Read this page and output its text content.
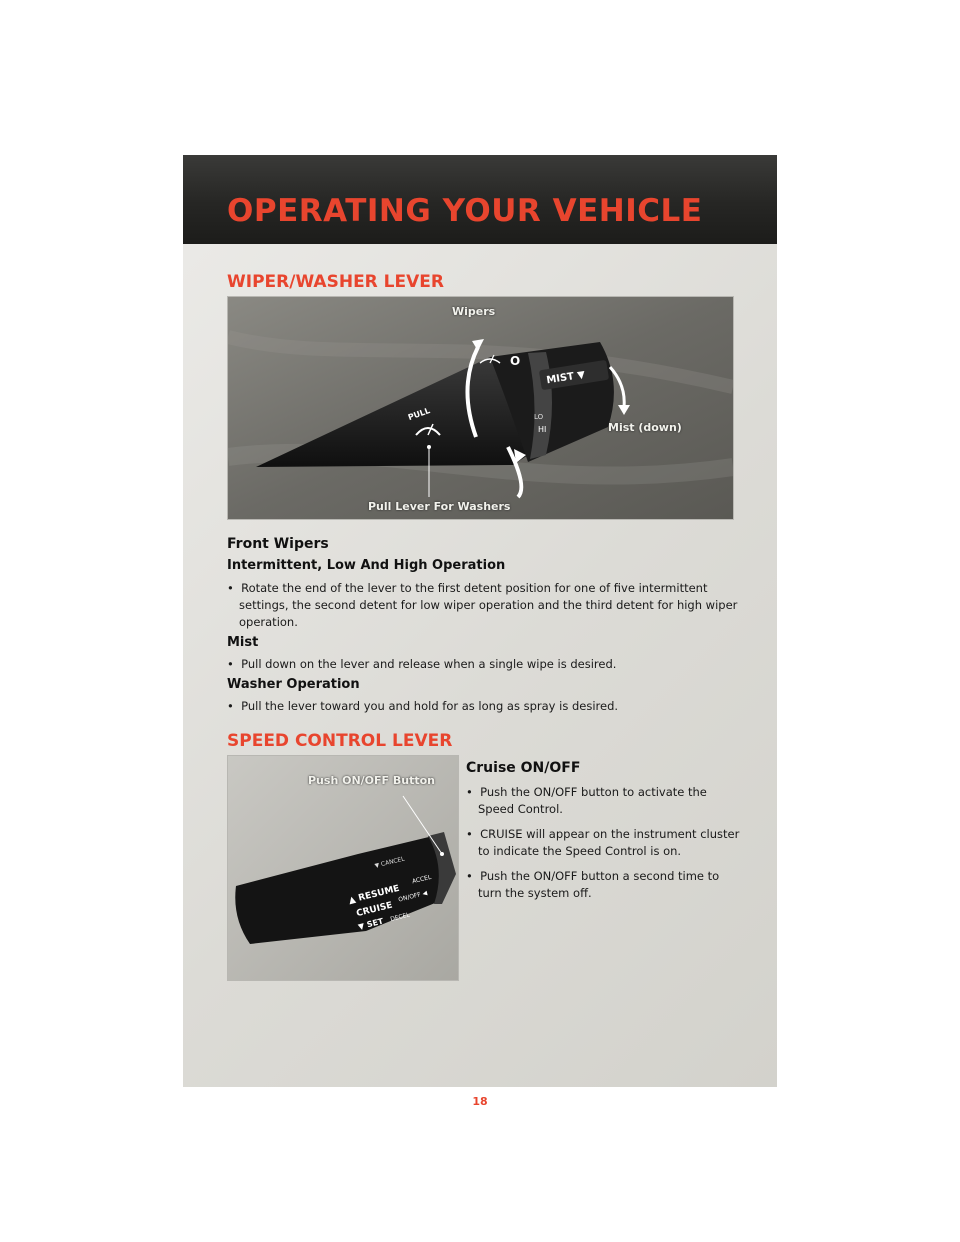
OPERATING YOUR VEHICLE
WIPER/WASHER LEVER
MIST ▼
O
LO
HI
PULL
Wipers
Mist (down)
Pull Lever For Washers
Front Wipers
Intermittent, Low And High Operation
•  Rotate the end of the lever to the first detent position for one of five intermittent settings, the second detent for low wiper operation and the third detent for high wiper operation.
Mist
•  Pull down on the lever and release when a single wipe is desired.
Washer Operation
•  Pull the lever toward you and hold for as long as spray is desired.
SPEED CONTROL LEVER
▼ CANCEL
▲ RESUME
ACCEL
CRUISE
ON/OFF ◀
▼ SET DECEL
Push ON/OFF Button
Cruise ON/OFF
•  Push the ON/OFF button to activate the Speed Control.
•  CRUISE will appear on the instrument cluster to indicate the Speed Control is on.
•  Push the ON/OFF button a second time to turn the system off.
18
